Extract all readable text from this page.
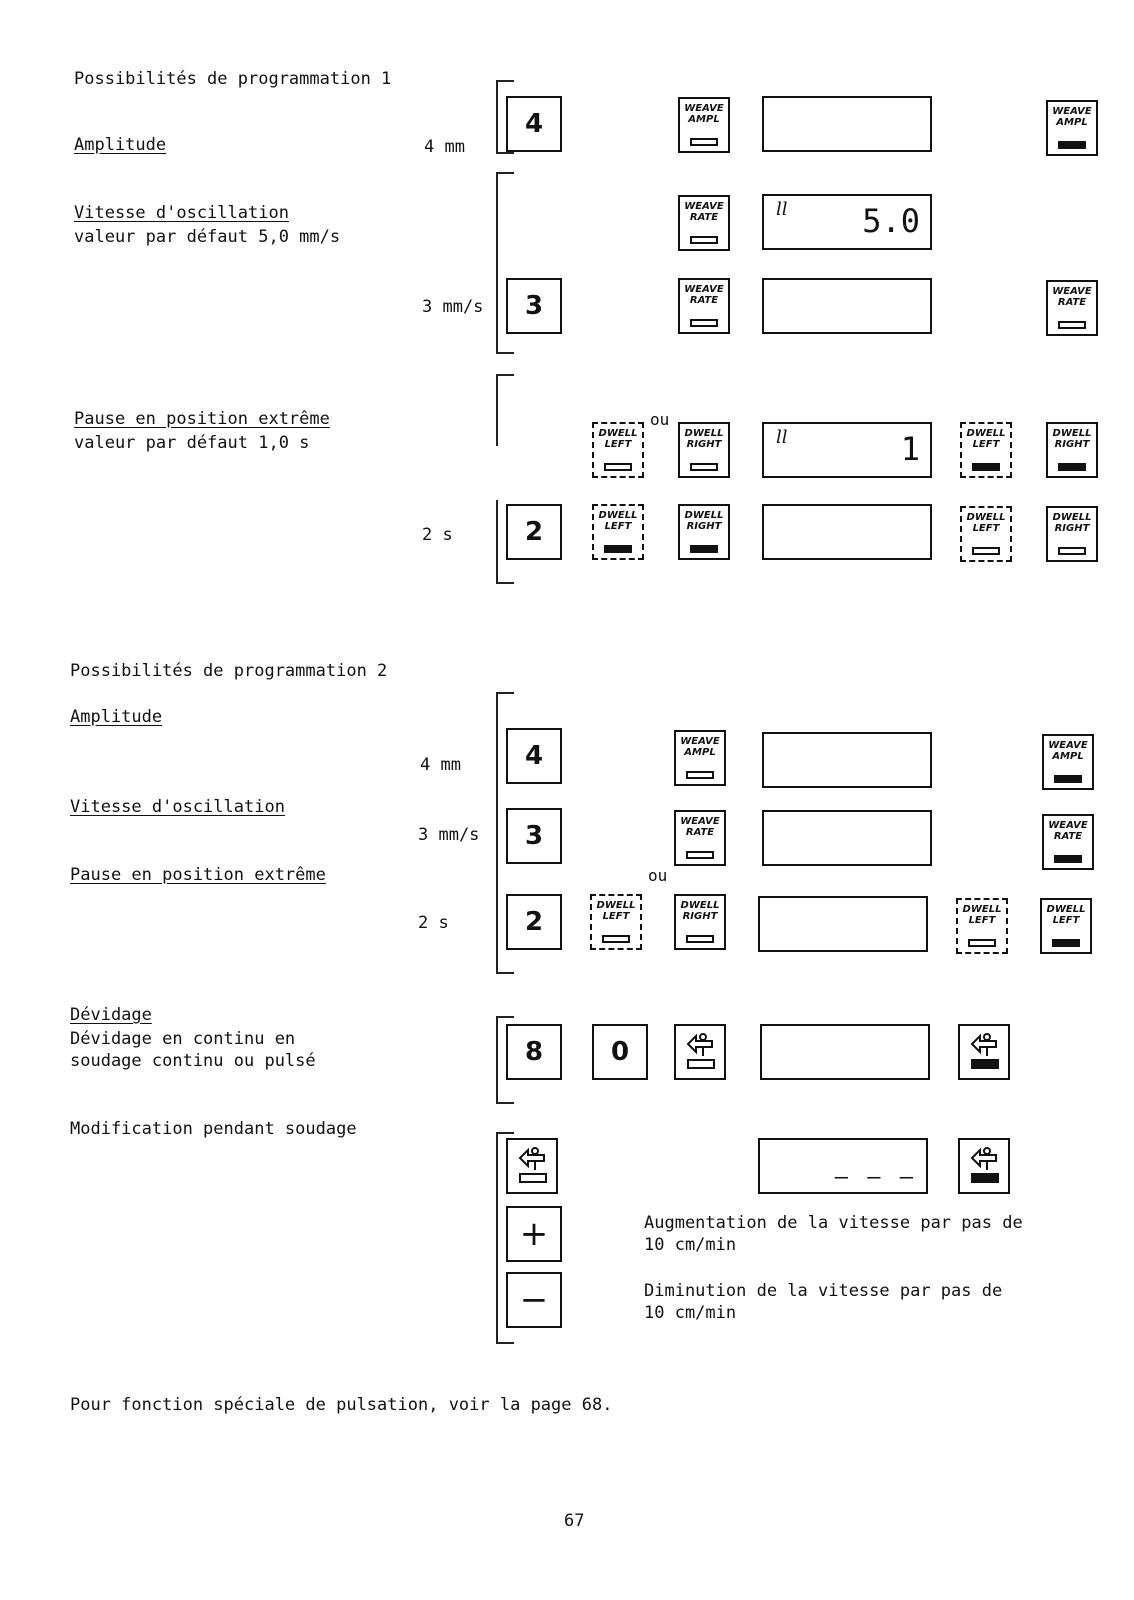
Possibilités de programmation 1
Amplitude	4 mm
4
WEAVE
AMPL
WEAVE
AMPL
Vitesse d'oscillation
valeur par défaut 5,0 mm/s
WEAVE
RATE	ll 5.0
3 mm/s	3
WEAVE
RATE
WEAVE
RATE
Pause en position extrême
valeur par défaut 1,0 s	DWELL
LEFT
ou
DWELL
RIGHT	ll	1	DWELL
LEFT
DWELL
RIGHT
2 s	2
DWELL
LEFT
DWELL
RIGHT
DWELL
LEFT
DWELL
RIGHT
Possibilités de programmation 2
Amplitude
4 mm	4	WEAVE
AMPL
WEAVE
AMPL
Vitesse d'oscillation
3 mm/s	3	WEAVE
RATE
WEAVE
RATE
Pause en position extrême	ou
2 s	2
DWELL
LEFT
DWELL
RIGHT
DWELL
LEFT
DWELL
LEFT
Dévidage
Dévidage en continu en
soudage continu ou pulsé	8	0
Modification pendant soudage
– – –
+	Augmentation de la vitesse par pas de
10 cm/min
−	Diminution de la vitesse par pas de
10 cm/min
Pour fonction spéciale de pulsation, voir la page 68.
67
